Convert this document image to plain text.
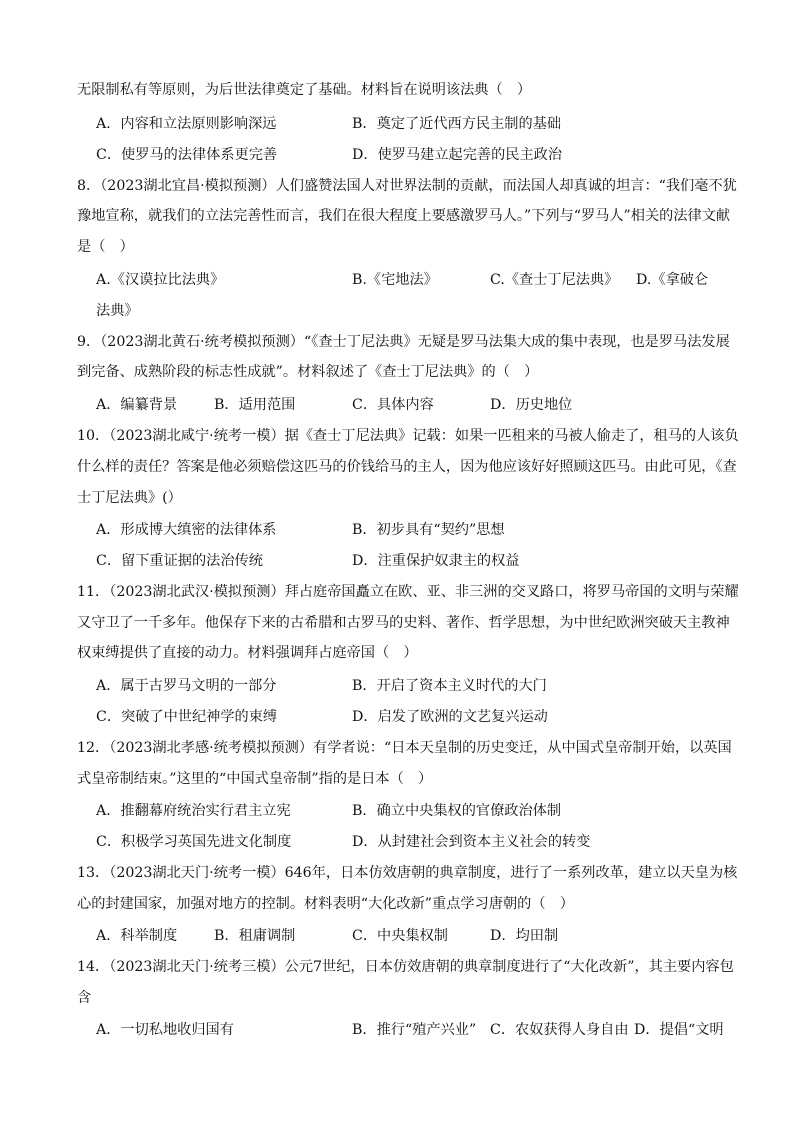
无限制私有等原则，为后世法律奠定了基础。材料旨在说明该法典（　）
A．内容和立法原则影响深远	B．奠定了近代西方民主制的基础
C．使罗马的法律体系更完善	D．使罗马建立起完善的民主政治
8．（2023湖北宜昌·模拟预测）人们盛赞法国人对世界法制的贡献，而法国人却真诚的坦言：“我们毫不犹
豫地宣称，就我们的立法完善性而言，我们在很大程度上要感激罗马人。”下列与“罗马人”相关的法律文献
是（　）
A.《汉谟拉比法典》	B.《宅地法》	C.《查士丁尼法典》 D.《拿破仑
法典》
9．（2023湖北黄石·统考模拟预测）“《查士丁尼法典》无疑是罗马法集大成的集中表现，也是罗马法发展
到完备、成熟阶段的标志性成就”。材料叙述了《查士丁尼法典》的（　）
A．编纂背景	B．适用范围	C．具体内容	D．历史地位
10．（2023湖北咸宁·统考一模）据《查士丁尼法典》记载：如果一匹租来的马被人偷走了，租马的人该负
什么样的责任？答案是他必须赔偿这匹马的价钱给马的主人，因为他应该好好照顾这匹马。由此可见，《查
士丁尼法典》(）
A．形成博大缜密的法律体系	B．初步具有“契约”思想
C．留下重证据的法治传统	D．注重保护奴隶主的权益
11．（2023湖北武汉·模拟预测）拜占庭帝国矗立在欧、亚、非三洲的交叉路口，将罗马帝国的文明与荣耀
又守卫了一千多年。他保存下来的古希腊和古罗马的史料、著作、哲学思想，为中世纪欧洲突破天主教神
权束缚提供了直接的动力。材料强调拜占庭帝国（　）
A．属于古罗马文明的一部分	B．开启了资本主义时代的大门
C．突破了中世纪神学的束缚	D．启发了欧洲的文艺复兴运动
12．（2023湖北孝感·统考模拟预测）有学者说：“日本天皇制的历史变迁，从中国式皇帝制开始，以英国
式皇帝制结束。”这里的“中国式皇帝制”指的是日本（　）
A．推翻幕府统治实行君主立宪	B．确立中央集权的官僚政治体制
C．积极学习英国先进文化制度	D．从封建社会到资本主义社会的转变
13．（2023湖北天门·统考一模）646年，日本仿效唐朝的典章制度，进行了一系列改革，建立以天皇为核
心的封建国家，加强对地方的控制。材料表明“大化改新”重点学习唐朝的（　）
A．科举制度	B．租庸调制	C．中央集权制	D．均田制
14．（2023湖北天门·统考三模）公元7世纪，日本仿效唐朝的典章制度进行了“大化改新”，其主要内容包
含
A．一切私地收归国有	B．推行“殖产兴业” C．农奴获得人身自由 D．提倡“文明
